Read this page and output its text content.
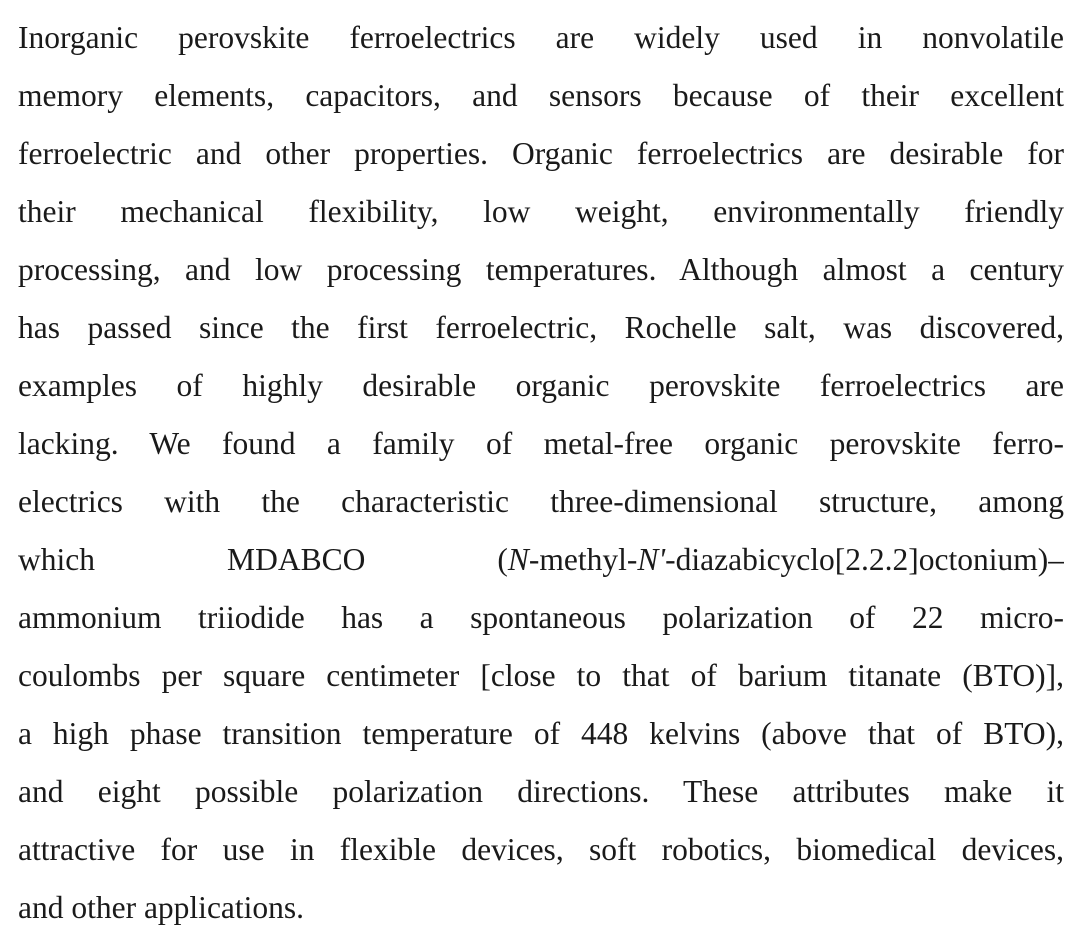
Inorganic perovskite ferroelectrics are widely used in nonvolatile
memory elements, capacitors, and sensors because of their excellent
ferroelectric and other properties. Organic ferroelectrics are desirable for
their mechanical flexibility, low weight, environmentally friendly
processing, and low processing temperatures. Although almost a century
has passed since the first ferroelectric, Rochelle salt, was discovered,
examples of highly desirable organic perovskite ferroelectrics are
lacking. We found a family of metal-free organic perovskite ferro-
electrics with the characteristic three-dimensional structure, among
which MDABCO (N-methyl-N'-diazabicyclo[2.2.2]octonium)–
ammonium triiodide has a spontaneous polarization of 22 micro-
coulombs per square centimeter [close to that of barium titanate (BTO)],
a high phase transition temperature of 448 kelvins (above that of BTO),
and eight possible polarization directions. These attributes make it
attractive for use in flexible devices, soft robotics, biomedical devices,
and other applications.
